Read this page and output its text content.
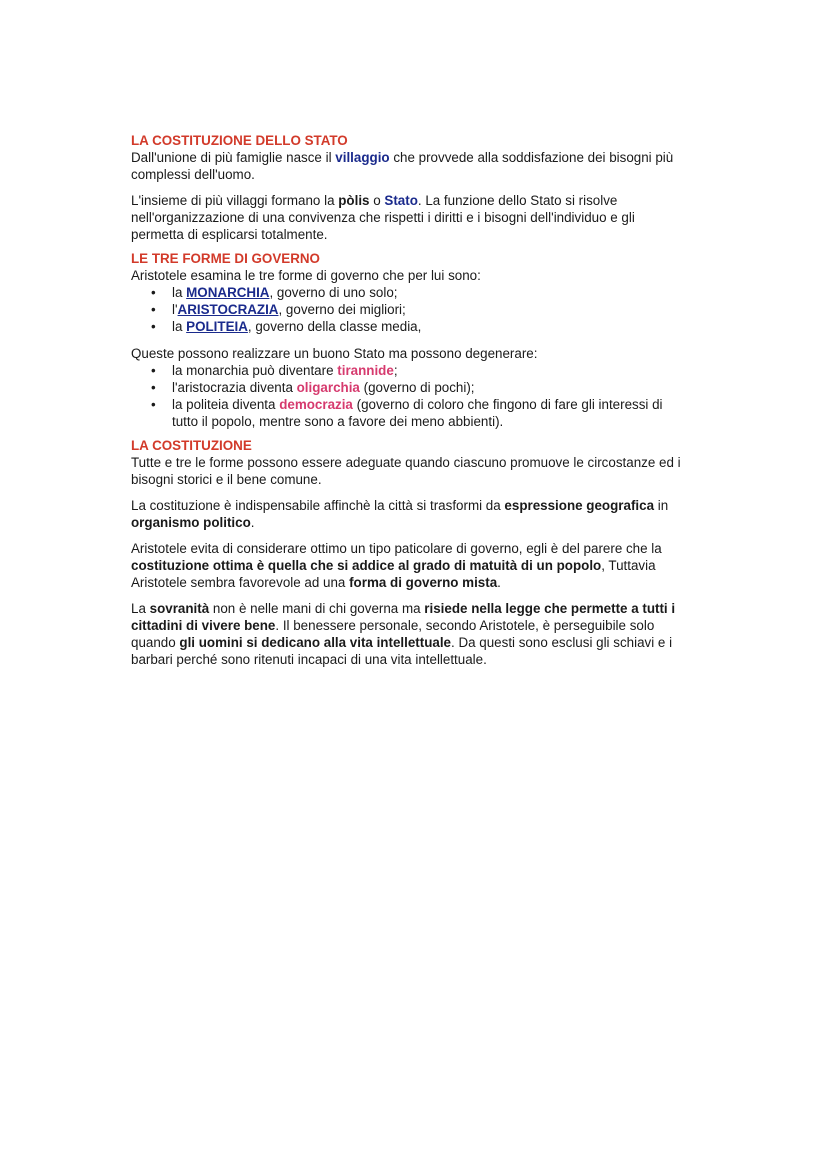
LA COSTITUZIONE DELLO STATO

Dall'unione di più famiglie nasce il villaggio che provvede alla soddisfazione dei bisogni più complessi dell'uomo.

L'insieme di più villaggi formano la pòlis o Stato. La funzione dello Stato si risolve nell'organizzazione di una convivenza che rispetti i diritti e i bisogni dell'individuo e gli permetta di esplicarsi totalmente.

LE TRE FORME DI GOVERNO
Aristotele esamina le tre forme di governo che per lui sono:
• la MONARCHIA, governo di uno solo;
• l'ARISTOCRAZIA, governo dei migliori;
• la POLITEIA, governo della classe media,
Queste possono realizzare un buono Stato ma possono degenerare:
• la monarchia può diventare tirannide;
• l'aristocrazia diventa oligarchia (governo di pochi);
• la politeia diventa democrazia (governo di coloro che fingono di fare gli interessi di tutto il popolo, mentre sono a favore dei meno abbienti).
LA COSTITUZIONE

Tutte e tre le forme possono essere adeguate quando ciascuno promuove le circostanze ed i bisogni storici e il bene comune.

La costituzione è indispensabile affinchè la città si trasformi da espressione geografica in organismo politico.

Aristotele evita di considerare ottimo un tipo paticolare di governo, egli è del parere che la costituzione ottima è quella che si addice al grado di matuità di un popolo, Tuttavia Aristotele sembra favorevole ad una forma di governo mista.

La sovranità non è nelle mani di chi governa ma risiede nella legge che permette a tutti i cittadini di vivere bene. Il benessere personale, secondo Aristotele, è perseguibile solo quando gli uomini si dedicano alla vita intellettuale. Da questi sono esclusi gli schiavi e i barbari perché sono ritenuti incapaci di una vita intellettuale.
